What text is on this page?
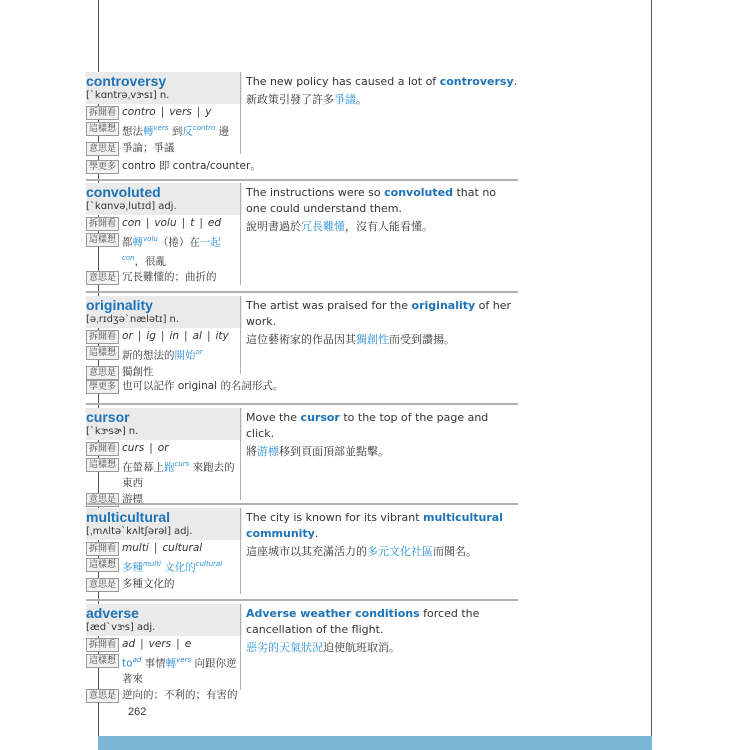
controversy
[ˋkɑntrəˌvɝsɪ] n.
拆開看 contro | vers | y
這樣想 想法轉$^{vers}$ 到反$^{contro}$ 邊
意思是 爭論；爭議
The new policy has caused a lot of controversy.
新政策引發了許多爭議。
學更多 contro 即 contra/counter。
convoluted
[ˋkɑnvəˌlutɪd] adj.
拆開看 con | volu | t | ed
這樣想 都轉$^{volu}$（捲）在一起$^{con}$，很亂
意思是 冗長難懂的；曲折的
The instructions were so convoluted that no one could understand them.
說明書過於冗長難懂，沒有人能看懂。
originality
[əˌrɪdʒəˋnælətɪ] n.
拆開看 or | ig | in | al | ity
這樣想 新的想法的開始$^{or}$
意思是 獨創性
The artist was praised for the originality of her work.
這位藝術家的作品因其獨創性而受到讚揚。
學更多 也可以記作 original 的名詞形式。
cursor
[ˋkɝsɚ] n.
拆開看 curs | or
這樣想 在螢幕上跑$^{curs}$ 來跑去的東西
意思是 游標
Move the cursor to the top of the page and click.
將游標移到頁面頂部並點擊。
multicultural
[ˌmʌltəˋkʌltʃərəl] adj.
拆開看 multi | cultural
這樣想 多種$^{multi}$ 文化的$^{cultural}$
意思是 多種文化的
The city is known for its vibrant multicultural community.
這座城市以其充滿活力的多元文化社區而聞名。
adverse
[ædˋvɝs] adj.
拆開看 ad | vers | e
這樣想 $to^{ad}$ 事情轉$^{vers}$ 向跟你逆著來
意思是 逆向的；不利的；有害的
Adverse weather conditions forced the cancellation of the flight.
惡劣的天氣狀況迫使航班取消。
262
